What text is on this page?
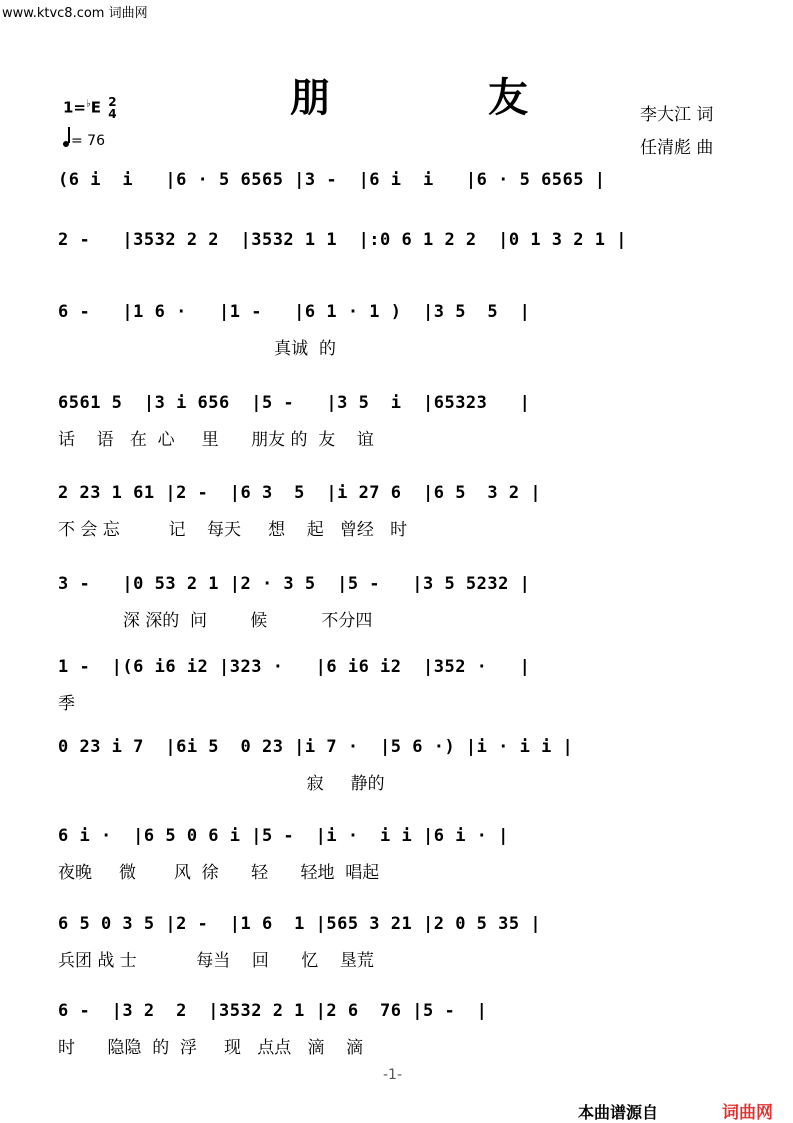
www.ktvc8.com 词曲网
朋	友	李大江 词
任清彪 曲
1=♭E 2
4
= 76
(6 i  i   |6 · 5 6565 |3 -  |6 i  i   |6 · 5 6565 |
2 -   |3532 2 2  |3532 1 1  |:0 6 1 2 2  |0 1 3 2 1 |
6 -   |1 6 ·   |1 -   |6 1 · 1 )  |3 5  5  |
真诚  的
6561 5  |3 i 656  |5 -   |3 5  i  |65323   |
话    语   在  心     里      朋友 的  友    谊
2 23 1 61 |2 -  |6 3  5  |i 27 6  |6 5  3 2 |
不 会 忘         记    每天     想    起   曾经   时
3 -   |0 53 2 1 |2 · 3 5  |5 -   |3 5 5232 |
深 深的  问        候          不分四
1 -  |(6 i6 i2 |323 ·   |6 i6 i2  |352 ·   |
季
0 23 i 7  |6i 5  0 23 |i 7 ·  |5 6 ·) |i · i i |
寂     静的
6 i ·  |6 5 0 6 i |5 -  |i ·  i i |6 i · |
夜晚     微       风  徐      轻      轻地  唱起
6 5 0 3 5 |2 -  |1 6  1 |565 3 21 |2 0 5 35 |
兵团 战 士           每当    回      忆    垦荒
6 -  |3 2  2  |3532 2 1 |2 6  76 |5 -  |
时      隐隐  的  浮     现   点点   滴    滴
-1-
本曲谱源自	词曲网
